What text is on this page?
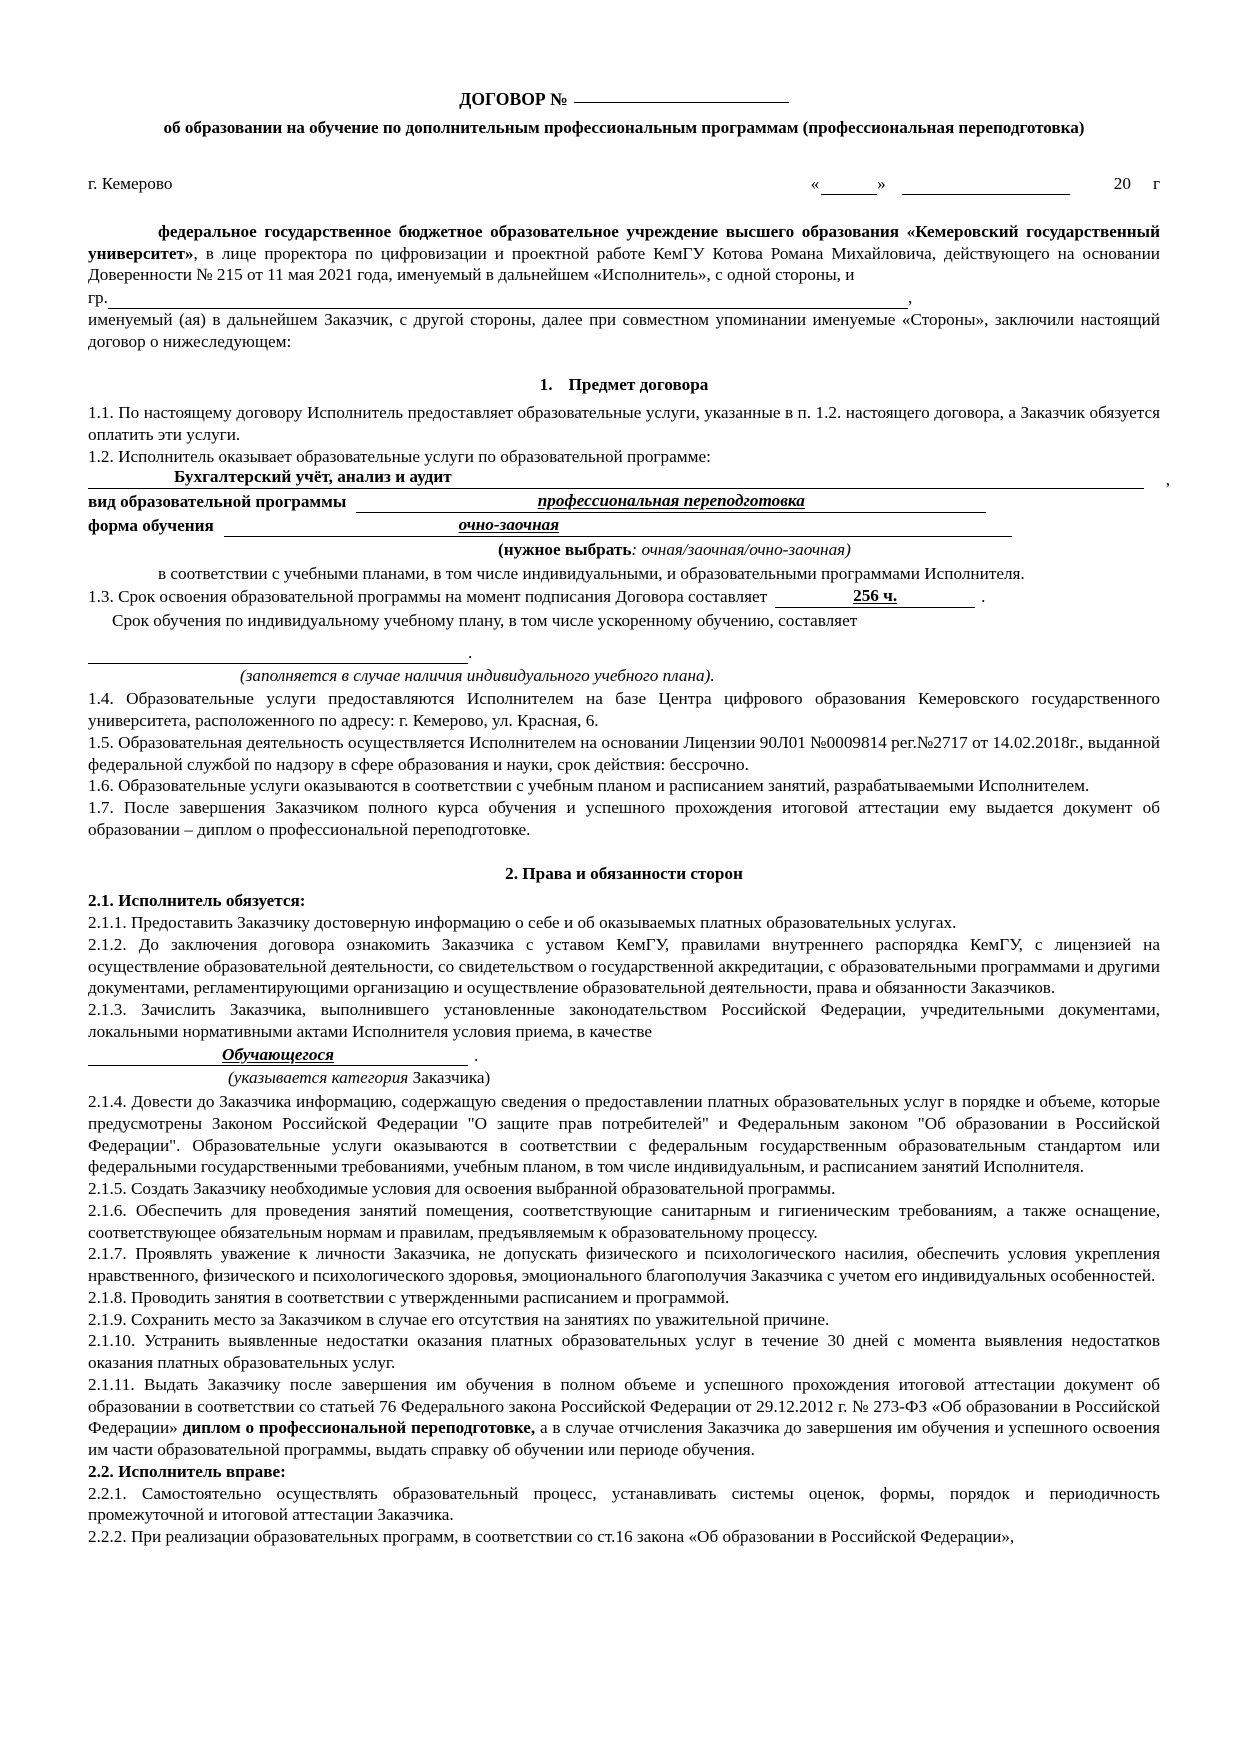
ДОГОВОР №
об образовании на обучение по дополнительным профессиональным программам (профессиональная переподготовка)
г. Кемерово	«	»	20 г

федеральное государственное бюджетное образовательное учреждение высшего образования «Кемеровский государственный университет», в лице проректора по цифровизации и проектной работе КемГУ Котова Романа Михайловича, действующего на основании Доверенности № 215 от 11 мая 2021 года, именуемый в дальнейшем «Исполнитель», с одной стороны, и

гр.	,

именуемый (ая) в дальнейшем Заказчик, с другой стороны, далее при совместном упоминании именуемые «Стороны», заключили настоящий договор о нижеследующем:

1. Предмет договора

1.1. По настоящему договору Исполнитель предоставляет образовательные услуги, указанные в п. 1.2. настоящего договора, а Заказчик обязуется оплатить эти услуги.

1.2. Исполнитель оказывает образовательные услуги по образовательной программе:

Бухгалтерский учёт, анализ и аудит	,
вид образовательной программы	профессиональная переподготовка
форма обучения	очно-заочная
(нужное выбрать: очная/заочная/очно-заочная)

в соответствии с учебными планами, в том числе индивидуальными, и образовательными программами Исполнителя.

1.3. Срок освоения образовательной программы на момент подписания Договора составляет	256 ч.	.

Срок обучения по индивидуальному учебному плану, в том числе ускоренному обучению, составляет

.
(заполняется в случае наличия индивидуального учебного плана).

1.4. Образовательные услуги предоставляются Исполнителем на базе Центра цифрового образования Кемеровского государственного университета, расположенного по адресу: г. Кемерово, ул. Красная, 6.

1.5. Образовательная деятельность осуществляется Исполнителем на основании Лицензии 90Л01 №0009814 рег.№2717 от 14.02.2018г., выданной федеральной службой по надзору в сфере образования и науки, срок действия: бессрочно.

1.6. Образовательные услуги оказываются в соответствии с учебным планом и расписанием занятий, разрабатываемыми Исполнителем.

1.7. После завершения Заказчиком полного курса обучения и успешного прохождения итоговой аттестации ему выдается документ об образовании – диплом о профессиональной переподготовке.

2. Права и обязанности сторон

2.1. Исполнитель обязуется:

2.1.1. Предоставить Заказчику достоверную информацию о себе и об оказываемых платных образовательных услугах.

2.1.2. До заключения договора ознакомить Заказчика с уставом КемГУ, правилами внутреннего распорядка КемГУ, с лицензией на осуществление образовательной деятельности, со свидетельством о государственной аккредитации, с образовательными программами и другими документами, регламентирующими организацию и осуществление образовательной деятельности, права и обязанности Заказчиков.

2.1.3. Зачислить Заказчика, выполнившего установленные законодательством Российской Федерации, учредительными документами, локальными нормативными актами Исполнителя условия приема, в качестве

Обучающегося	.
(указывается категория Заказчика)

2.1.4. Довести до Заказчика информацию, содержащую сведения о предоставлении платных образовательных услуг в порядке и объеме, которые предусмотрены Законом Российской Федерации "О защите прав потребителей" и Федеральным законом "Об образовании в Российской Федерации". Образовательные услуги оказываются в соответствии с федеральным государственным образовательным стандартом или федеральными государственными требованиями, учебным планом, в том числе индивидуальным, и расписанием занятий Исполнителя.

2.1.5. Создать Заказчику необходимые условия для освоения выбранной образовательной программы.

2.1.6. Обеспечить для проведения занятий помещения, соответствующие санитарным и гигиеническим требованиям, а также оснащение, соответствующее обязательным нормам и правилам, предъявляемым к образовательному процессу.

2.1.7. Проявлять уважение к личности Заказчика, не допускать физического и психологического насилия, обеспечить условия укрепления нравственного, физического и психологического здоровья, эмоционального благополучия Заказчика с учетом его индивидуальных особенностей.

2.1.8. Проводить занятия в соответствии с утвержденными расписанием и программой.

2.1.9. Сохранить место за Заказчиком в случае его отсутствия на занятиях по уважительной причине.

2.1.10. Устранить выявленные недостатки оказания платных образовательных услуг в течение 30 дней с момента выявления недостатков оказания платных образовательных услуг.

2.1.11. Выдать Заказчику после завершения им обучения в полном объеме и успешного прохождения итоговой аттестации документ об образовании в соответствии со статьей 76 Федерального закона Российской Федерации от 29.12.2012 г. № 273-ФЗ «Об образовании в Российской Федерации» диплом о профессиональной переподготовке, а в случае отчисления Заказчика до завершения им обучения и успешного освоения им части образовательной программы, выдать справку об обучении или периоде обучения.

2.2. Исполнитель вправе:

2.2.1. Самостоятельно осуществлять образовательный процесс, устанавливать системы оценок, формы, порядок и периодичность промежуточной и итоговой аттестации Заказчика.

2.2.2. При реализации образовательных программ, в соответствии со ст.16 закона «Об образовании в Российской Федерации»,
